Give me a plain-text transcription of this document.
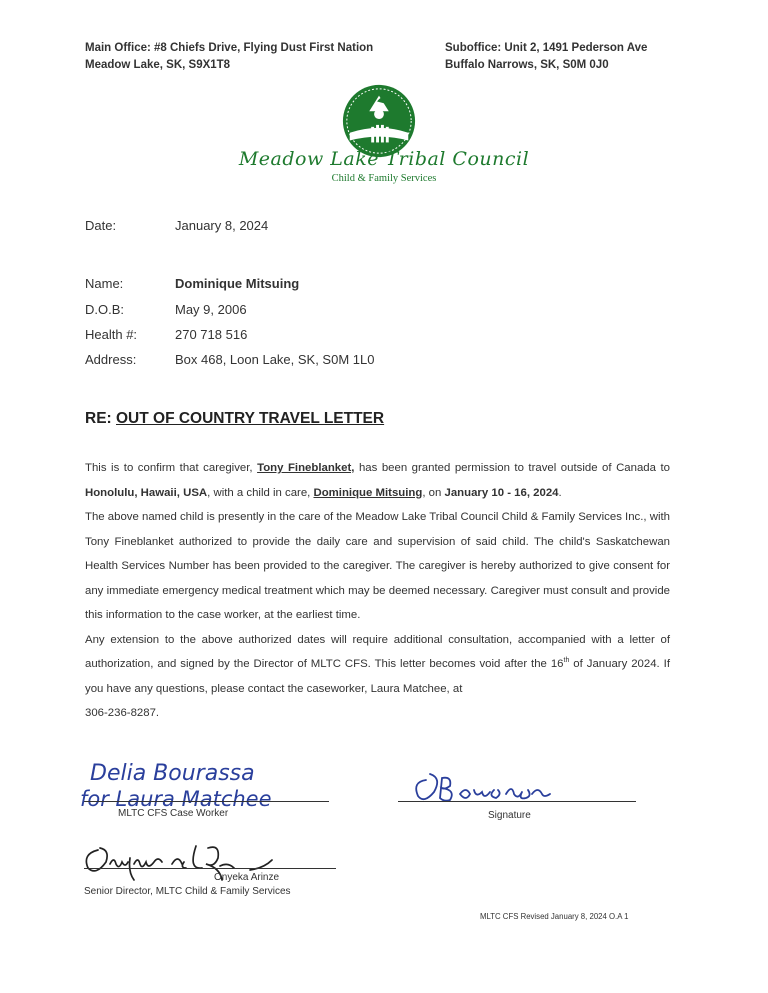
Main Office: #8 Chiefs Drive, Flying Dust First Nation
Meadow Lake, SK, S9X1T8
Suboffice: Unit 2, 1491 Pederson Ave
Buffalo Narrows, SK, S0M 0J0
Meadow Lake Tribal Council
Child & Family Services
Date:	January 8, 2024
Name:	Dominique Mitsuing
D.O.B:	May 9, 2006
Health #:	270 718 516
Address:	Box 468, Loon Lake, SK, S0M 1L0
RE: OUT OF COUNTRY TRAVEL LETTER

This is to confirm that caregiver, Tony Fineblanket, has been granted permission to travel outside of Canada to Honolulu, Hawaii, USA, with a child in care, Dominique Mitsuing, on January 10 - 16, 2024.

The above named child is presently in the care of the Meadow Lake Tribal Council Child & Family Services Inc., with Tony Fineblanket authorized to provide the daily care and supervision of said child. The child's Saskatchewan Health Services Number has been provided to the caregiver. The caregiver is hereby authorized to give consent for any immediate emergency medical treatment which may be deemed necessary. Caregiver must consult and provide this information to the case worker, at the earliest time.

Any extension to the above authorized dates will require additional consultation, accompanied with a letter of authorization, and signed by the Director of MLTC CFS. This letter becomes void after the 16th of January 2024. If you have any questions, please contact the caseworker, Laura Matchee, at

306-236-8287.

Delia Bourassa
for Laura Matchee
MLTC CFS Case Worker	Signature
Onyeka Arinze
Senior Director, MLTC Child & Family Services
MLTC CFS Revised January 8, 2024 O.A 1
